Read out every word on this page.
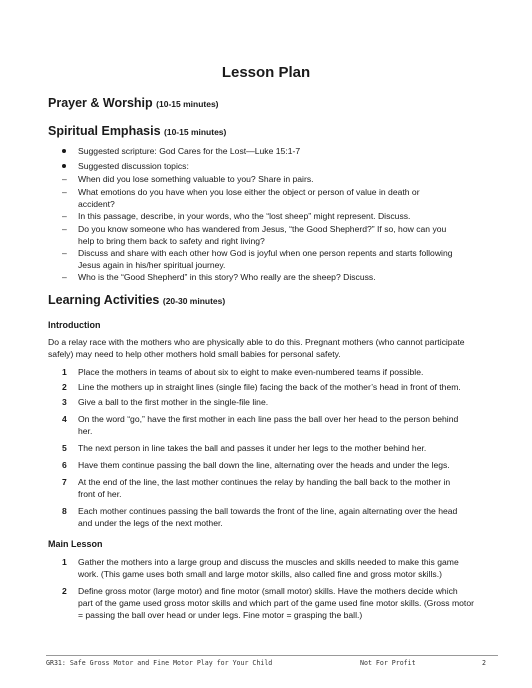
Lesson Plan
Prayer & Worship (10-15 minutes)
Spiritual Emphasis (10-15 minutes)
Suggested scripture: God Cares for the Lost—Luke 15:1-7
Suggested discussion topics:
– When did you lose something valuable to you? Share in pairs.
– What emotions do you have when you lose either the object or person of value in death or
accident?
– In this passage, describe, in your words, who the “lost sheep” might represent. Discuss.
– Do you know someone who has wandered from Jesus, “the Good Shepherd?” If so, how can you
help to bring them back to safety and right living?
– Discuss and share with each other how God is joyful when one person repents and starts following
Jesus again in his/her spiritual journey.
– Who is the “Good Shepherd” in this story? Who really are the sheep? Discuss.
Learning Activities (20-30 minutes)
Introduction
Do a relay race with the mothers who are physically able to do this. Pregnant mothers (who cannot participate
safely) may need to help other mothers hold small babies for personal safety.
1 Place the mothers in teams of about six to eight to make even-numbered teams if possible.
2 Line the mothers up in straight lines (single file) facing the back of the mother’s head in front of them.
3 Give a ball to the first mother in the single-file line.
4 On the word “go,” have the first mother in each line pass the ball over her head to the person behind
her.
5 The next person in line takes the ball and passes it under her legs to the mother behind her.
6 Have them continue passing the ball down the line, alternating over the heads and under the legs.
7 At the end of the line, the last mother continues the relay by handing the ball back to the mother in
front of her.
8 Each mother continues passing the ball towards the front of the line, again alternating over the head
and under the legs of the next mother.
Main Lesson
1 Gather the mothers into a large group and discuss the muscles and skills needed to make this game
work. (This game uses both small and large motor skills, also called fine and gross motor skills.)
2 Define gross motor (large motor) and fine motor (small motor) skills. Have the mothers decide which
part of the game used gross motor skills and which part of the game used fine motor skills. (Gross motor
= passing the ball over head or under legs. Fine motor = grasping the ball.)
GR31: Safe Gross Motor and Fine Motor Play for Your Child	Not For Profit	2
